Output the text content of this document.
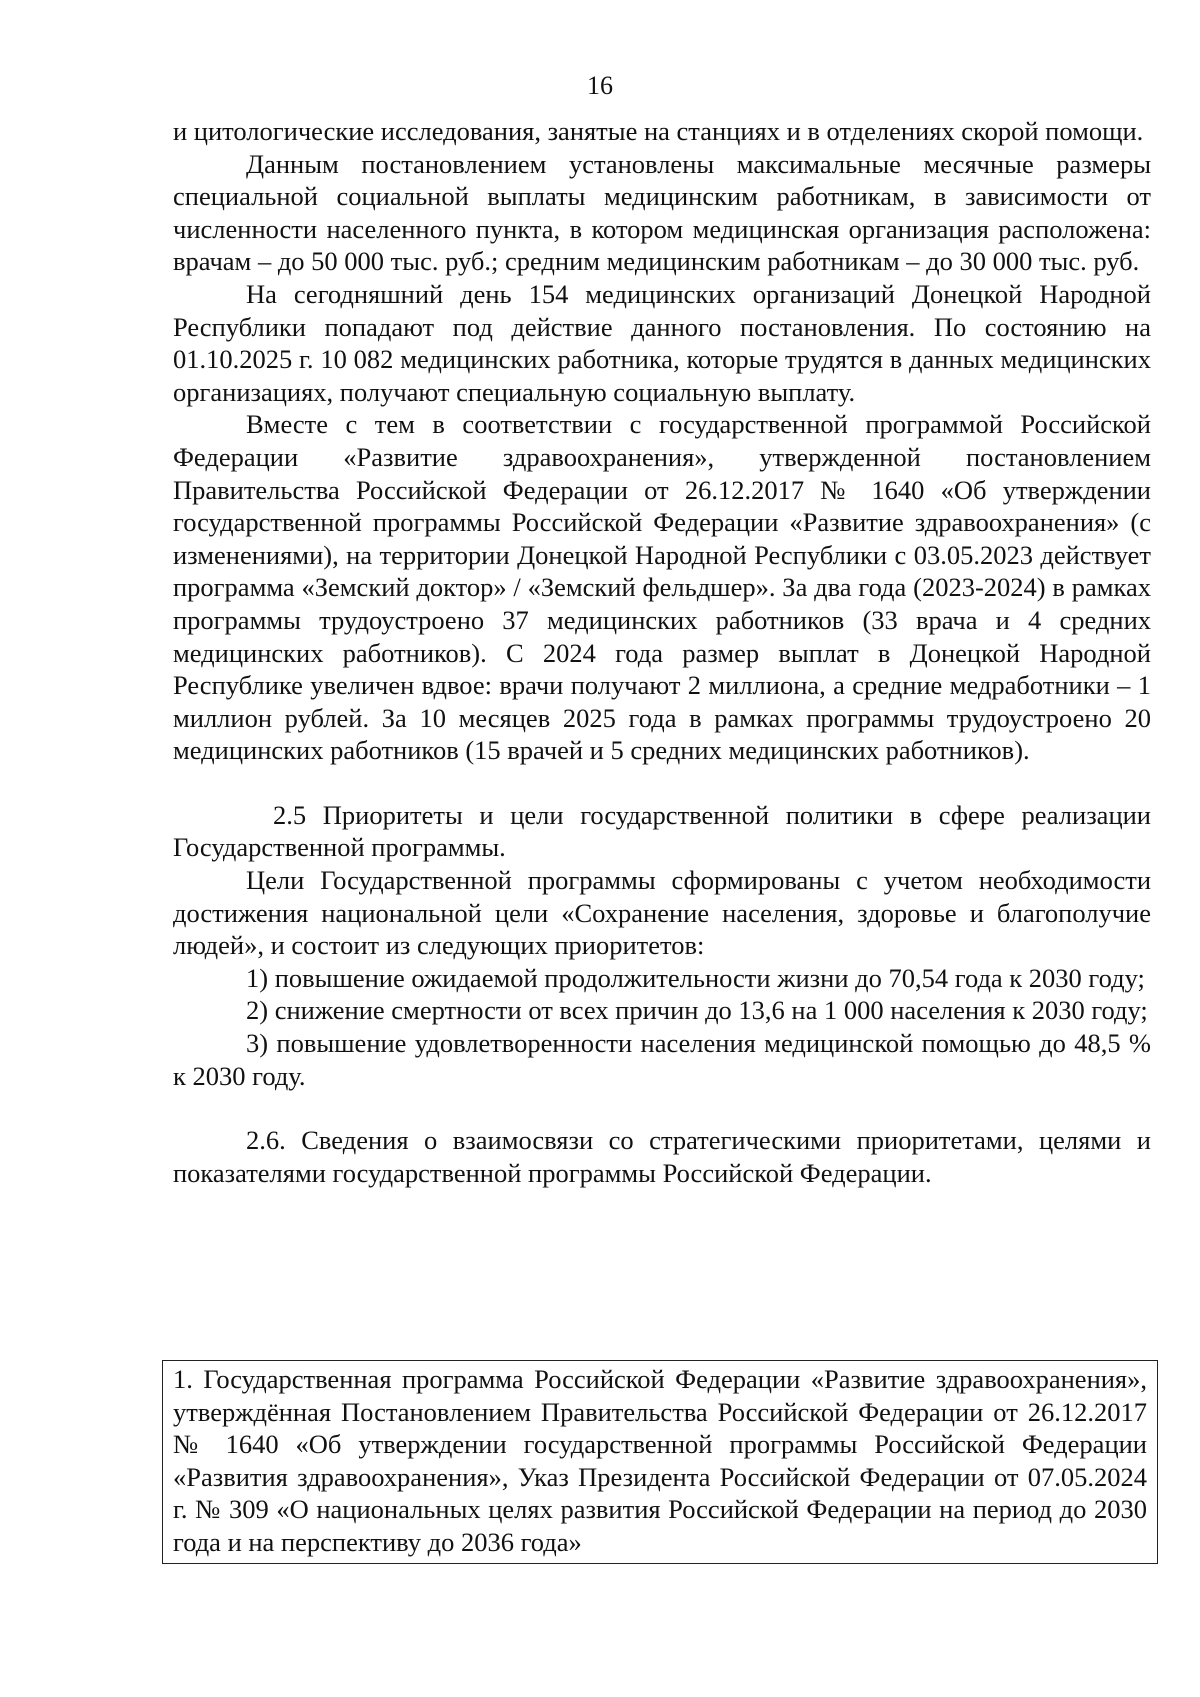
16

и цитологические исследования, занятые на станциях и в отделениях скорой помощи.

Данным постановлением установлены максимальные месячные размеры специальной социальной выплаты медицинским работникам, в зависимости от численности населенного пункта, в котором медицинская организация расположена: врачам – до 50 000 тыс. руб.; средним медицинским работникам – до 30 000 тыс. руб.

На сегодняшний день 154 медицинских организаций Донецкой Народной Республики попадают под действие данного постановления. По состоянию на 01.10.2025 г. 10 082 медицинских работника, которые трудятся в данных медицинских организациях, получают специальную социальную выплату.

Вместе с тем в соответствии с государственной программой Российской Федерации «Развитие здравоохранения», утвержденной постановлением Правительства Российской Федерации от 26.12.2017 № 1640 «Об утверждении государственной программы Российской Федерации «Развитие здравоохранения» (с изменениями), на территории Донецкой Народной Республики с 03.05.2023 действует программа «Земский доктор» / «Земский фельдшер». За два года (2023-2024) в рамках программы трудоустроено 37 медицинских работников (33 врача и 4 средних медицинских работников). С 2024 года размер выплат в Донецкой Народной Республике увеличен вдвое: врачи получают 2 миллиона, а средние медработники – 1 миллион рублей. За 10 месяцев 2025 года в рамках программы трудоустроено 20 медицинских работников (15 врачей и 5 средних медицинских работников).

2.5 Приоритеты и цели государственной политики в сфере реализации Государственной программы.

Цели Государственной программы сформированы с учетом необходимости достижения национальной цели «Сохранение населения, здоровье и благополучие людей», и состоит из следующих приоритетов:

1) повышение ожидаемой продолжительности жизни до 70,54 года к 2030 году;

2) снижение смертности от всех причин до 13,6 на 1 000 населения к 2030 году;

3) повышение удовлетворенности населения медицинской помощью до 48,5 % к 2030 году.

2.6. Сведения о взаимосвязи со стратегическими приоритетами, целями и показателями государственной программы Российской Федерации.

1. Государственная программа Российской Федерации «Развитие здравоохранения», утверждённая Постановлением Правительства Российской Федерации от 26.12.2017 № 1640 «Об утверждении государственной программы Российской Федерации «Развития здравоохранения», Указ Президента Российской Федерации от 07.05.2024 г. № 309 «О национальных целях развития Российской Федерации на период до 2030 года и на перспективу до 2036 года»
